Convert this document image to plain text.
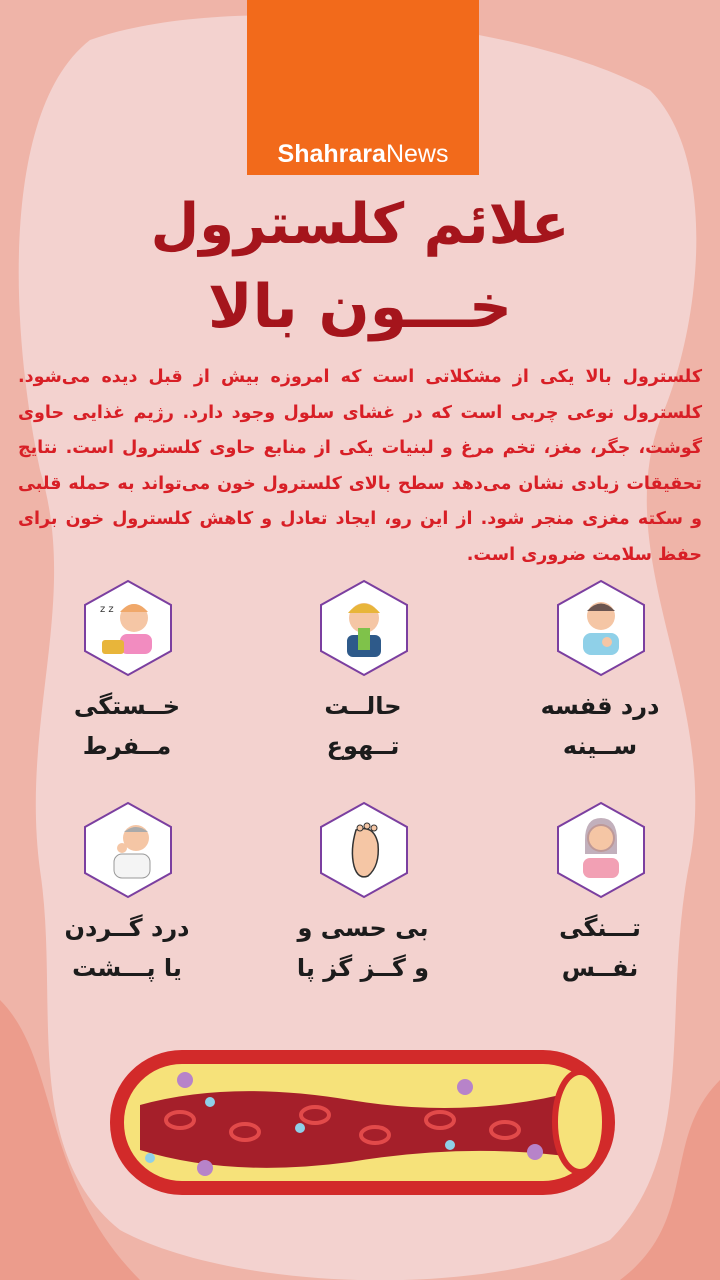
ShahraraNews
علائم کلسترول
خـــون بالا
کلسترول بالا یکی از مشکلاتی است که امروزه بیش از قبل دیده می‌شود. کلسترول نوعی چربی است که در غشای سلول وجود دارد. رژیم غذایی حاوی گوشت، جگر، مغز، تخم مرغ و لبنیات یکی از منابع حاوی کلسترول است. نتایج تحقیقات زیادی نشان می‌دهد سطح بالای کلسترول خون می‌تواند به حمله قلبی و سکته مغزی منجر شود. از این رو، ایجاد تعادل و کاهش کلسترول خون برای حفظ سلامت ضروری است.
درد قفسه
ســینه
حالــت
تــهوع
z z
خــستگی
مــفرط
تـــنگی
نفــس
بی حسی و
و گــز گز پا
درد گــردن
یا پـــشت
